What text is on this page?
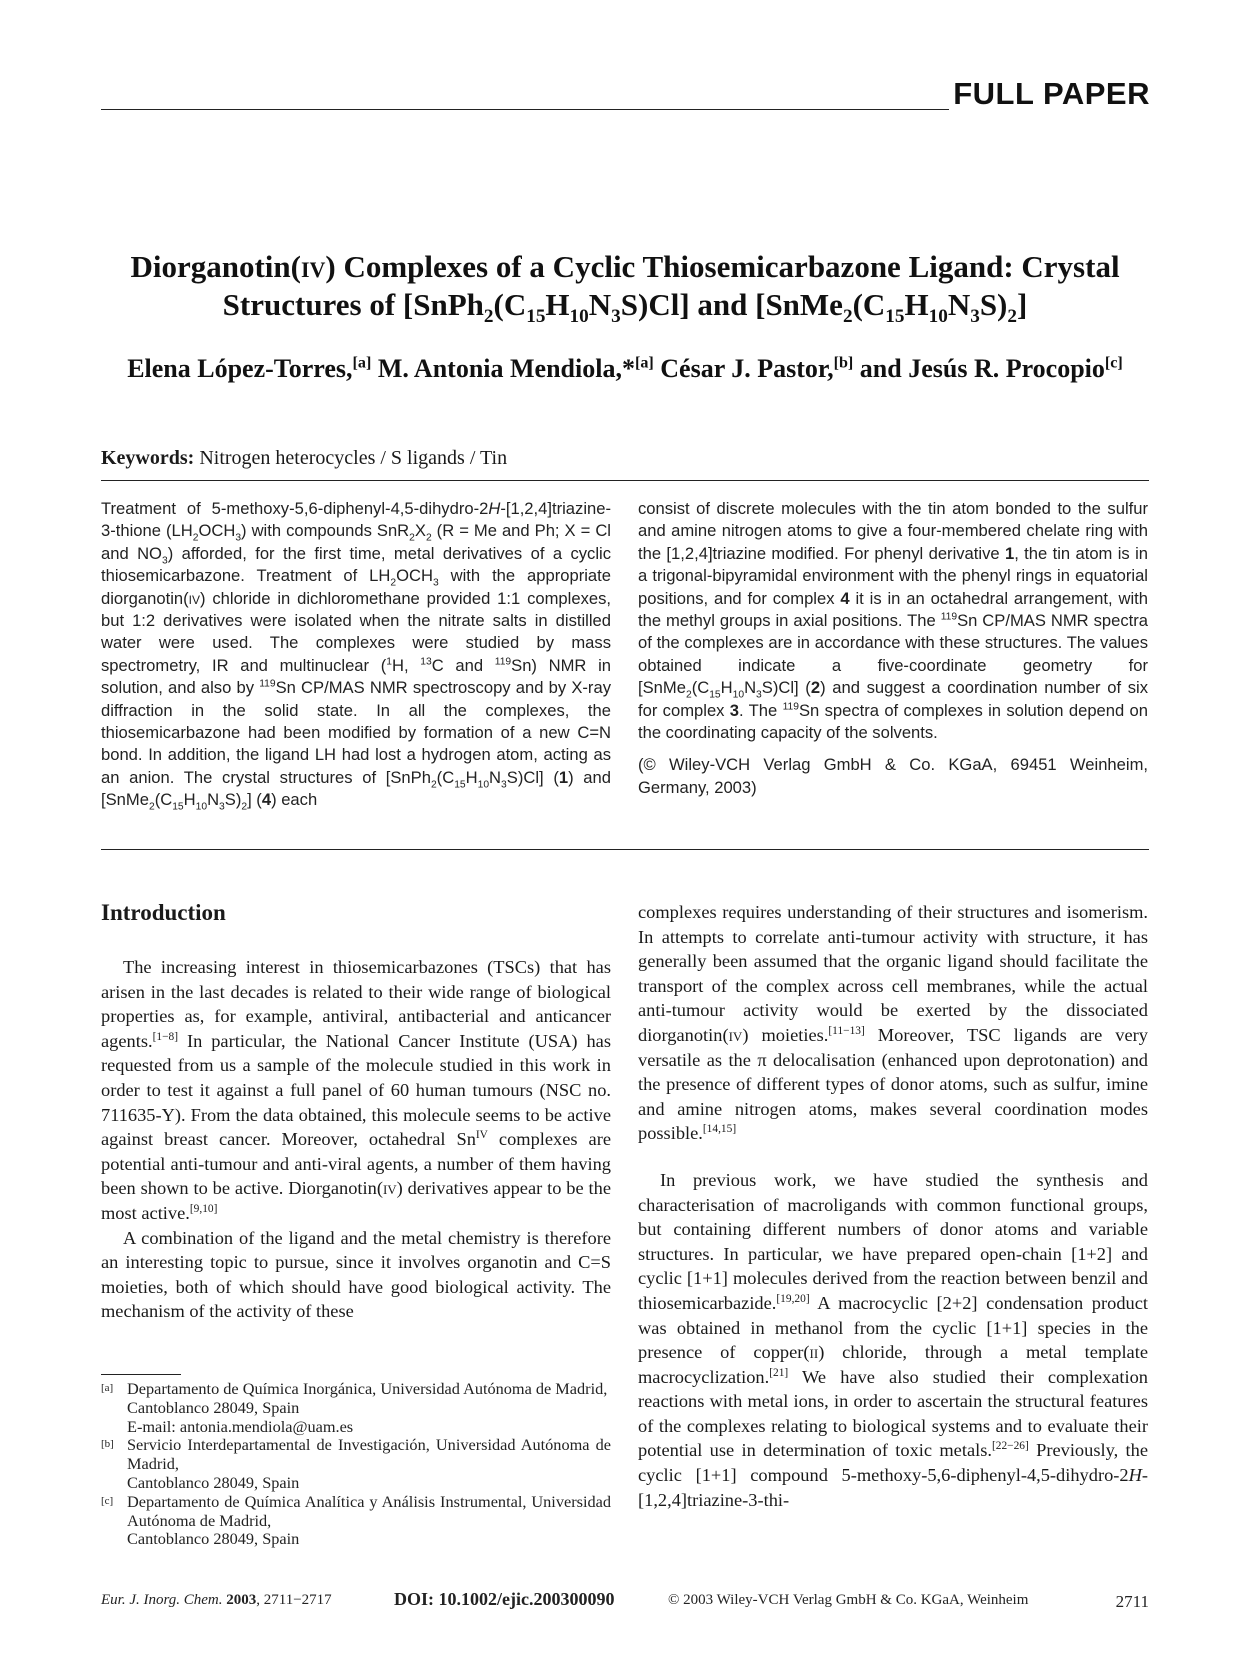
FULL PAPER
Diorganotin(iv) Complexes of a Cyclic Thiosemicarbazone Ligand: Crystal
Structures of $[SnPh_2(C_{15}H_{10}N_3S)Cl]$ and $[SnMe_2(C_{15}H_{10}N_3S)_2]$
Elena López-Torres,[a] M. Antonia Mendiola,*[a] César J. Pastor,[b] and Jesús R. Procopio[c]
Keywords: Nitrogen heterocycles / S ligands / Tin

Treatment of 5-methoxy-5,6-diphenyl-4,5-dihydro-2H-[1,2,4]triazine-3-thione $(LH_2OCH_3)$ with compounds $SnR_2X_2$ (R = Me and Ph; X = Cl and $NO_3$) afforded, for the first time, metal derivatives of a cyclic thiosemicarbazone. Treatment of $LH_2OCH_3$ with the appropriate diorganotin(iv) chloride in dichloromethane provided 1:1 complexes, but 1:2 derivatives were isolated when the nitrate salts in distilled water were used. The complexes were studied by mass spectrometry, IR and multinuclear ($^1$H, $^{13}$C and $^{119}$Sn) NMR in solution, and also by $^{119}$Sn CP/MAS NMR spectroscopy and by X-ray diffraction in the solid state. In all the complexes, the thiosemicarbazone had been modified by formation of a new C=N bond. In addition, the ligand LH had lost a hydrogen atom, acting as an anion. The crystal structures of $[SnPh_2(C_{15}H_{10}N_3S)Cl]$ (1) and $[SnMe_2(C_{15}H_{10}N_3S)_2]$ (4) each

consist of discrete molecules with the tin atom bonded to the sulfur and amine nitrogen atoms to give a four-membered chelate ring with the [1,2,4]triazine modified. For phenyl derivative 1, the tin atom is in a trigonal-bipyramidal environment with the phenyl rings in equatorial positions, and for complex 4 it is in an octahedral arrangement, with the methyl groups in axial positions. The $^{119}$Sn CP/MAS NMR spectra of the complexes are in accordance with these structures. The values obtained indicate a five-coordinate geometry for $[SnMe_2(C_{15}H_{10}N_3S)Cl]$ (2) and suggest a coordination number of six for complex 3. The $^{119}$Sn spectra of complexes in solution depend on the coordinating capacity of the solvents.

(© Wiley-VCH Verlag GmbH & Co. KGaA, 69451 Weinheim, Germany, 2003)

Introduction

The increasing interest in thiosemicarbazones (TSCs) that has arisen in the last decades is related to their wide range of biological properties as, for example, antiviral, antibacterial and anticancer agents.[1−8] In particular, the National Cancer Institute (USA) has requested from us a sample of the molecule studied in this work in order to test it against a full panel of 60 human tumours (NSC no. 711635-Y). From the data obtained, this molecule seems to be active against breast cancer. Moreover, octahedral $Sn^{IV}$ complexes are potential anti-tumour and anti-viral agents, a number of them having been shown to be active. Diorganotin(iv) derivatives appear to be the most active.[9,10]

A combination of the ligand and the metal chemistry is therefore an interesting topic to pursue, since it involves organotin and C=S moieties, both of which should have good biological activity. The mechanism of the activity of these

complexes requires understanding of their structures and isomerism. In attempts to correlate anti-tumour activity with structure, it has generally been assumed that the organic ligand should facilitate the transport of the complex across cell membranes, while the actual anti-tumour activity would be exerted by the dissociated diorganotin(iv) moieties.[11−13] Moreover, TSC ligands are very versatile as the π delocalisation (enhanced upon deprotonation) and the presence of different types of donor atoms, such as sulfur, imine and amine nitrogen atoms, makes several coordination modes possible.[14,15]

In previous work, we have studied the synthesis and characterisation of macroligands with common functional groups, but containing different numbers of donor atoms and variable structures. In particular, we have prepared open-chain [1+2] and cyclic [1+1] molecules derived from the reaction between benzil and thiosemicarbazide.[19,20] A macrocyclic [2+2] condensation product was obtained in methanol from the cyclic [1+1] species in the presence of copper(ii) chloride, through a metal template macrocyclization.[21] We have also studied their complexation reactions with metal ions, in order to ascertain the structural features of the complexes relating to biological systems and to evaluate their potential use in determination of toxic metals.[22−26] Previously, the cyclic [1+1] compound 5-methoxy-5,6-diphenyl-4,5-dihydro-2H-[1,2,4]triazine-3-thi-

[a] Departamento de Química Inorgánica, Universidad Autónoma de Madrid,
Cantoblanco 28049, Spain
E-mail: antonia.mendiola@uam.es
[b] Servicio Interdepartamental de Investigación, Universidad Autónoma de Madrid,
Cantoblanco 28049, Spain
[c] Departamento de Química Analítica y Análisis Instrumental, Universidad Autónoma de Madrid,
Cantoblanco 28049, Spain
Eur. J. Inorg. Chem. 2003, 2711−2717	DOI: 10.1002/ejic.200300090	© 2003 Wiley-VCH Verlag GmbH & Co. KGaA, Weinheim	2711
